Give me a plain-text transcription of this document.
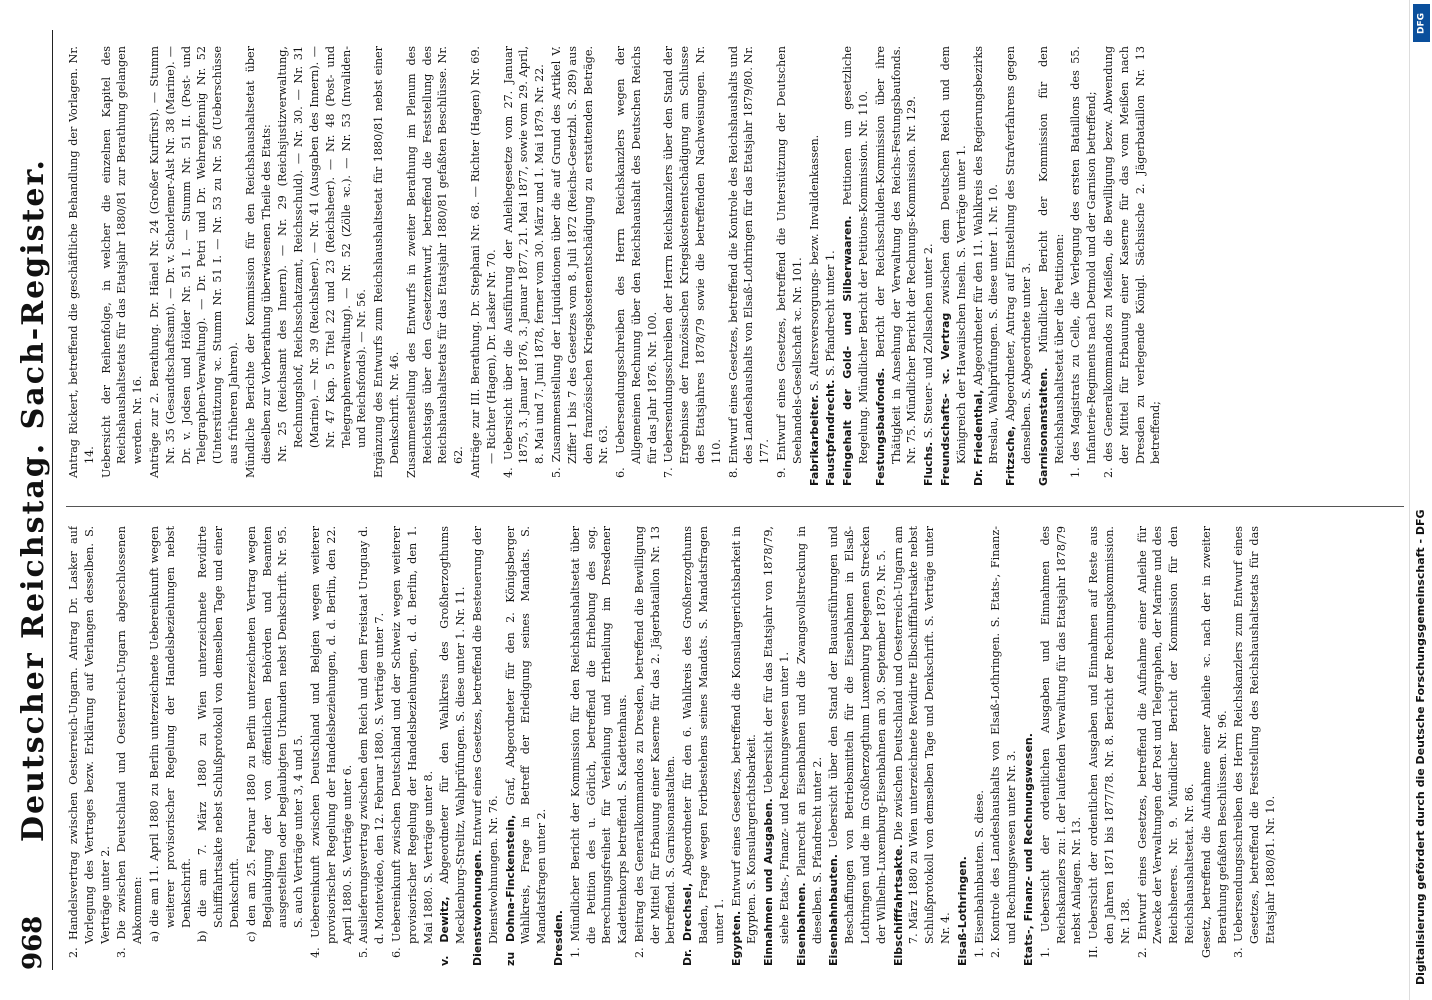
968
Deutscher Reichstag. Sach-Register. 2. Handelsvertrag zwischen Oesterreich-Ungarn. Antrag Dr. Lasker auf Vorlegung des Vertrages bezw. Erklärung auf Verlangen desselben. S. Verträge unter 2. 3. Die zwischen Deutschland und Oesterreich-Ungarn abgeschlossenen Abkommen: a) die am 11. April 1880 zu Berlin unterzeichnete Uebereinkunft wegen weiterer provisorischer Regelung der Handelsbeziehungen nebst Denkschrift. b) die am 7. März 1880 zu Wien unterzeichnete Revidirte Schifffahrtsakte nebst Schlußprotokoll von demselben Tage und einer Denkschrift. c) den am 25. Februar 1880 zu Berlin unterzeichneten Vertrag wegen Beglaubigung der von öffentlichen Behörden und Beamten ausgestellten oder beglaubigten Urkunden nebst Denkschrift. Nr. 95. S. auch Verträge unter 3, 4 und 5. 4. Uebereinkunft zwischen Deutschland und Belgien wegen weiterer provisorischer Regelung der Handelsbeziehungen, d. d. Berlin, den 22. April 1880. S. Verträge unter 6. 5. Auslieferungsvertrag zwischen dem Reich und dem Freistaat Uruguay d. d. Montevideo, den 12. Februar 1880. S. Verträge unter 7. 6. Uebereinkunft zwischen Deutschland und der Schweiz wegen weiterer provisorischer Regelung der Handelsbeziehungen, d. d. Berlin, den 1. Mai 1880. S. Verträge unter 8. v. Dewitz, Abgeordneter für den Wahlkreis des Großherzogthums Mecklenburg-Strelitz, Wahlprüfungen. S. diese unter 1. Nr. 11. Dienstwohnungen. Entwurf eines Gesetzes, betreffend die Besteuerung der Dienstwohnungen. Nr. 76. zu Dohna-Finckenstein, Graf, Abgeordneter für den 2. Königsberger Wahlkreis, Frage in Betreff der Erledigung seines Mandats. S. Mandatsfragen unter 2. Dresden. 1. Mündlicher Bericht der Kommission für den Reichshaushaltsetat über die Petition des u. Görlich, betreffend die Erhebung des sog. Berechnungsfreiheit für Verleihung und Ertheilung im Dresdener Kadettenkorps betreffend. S. Kadettenhaus. 2. Beitrag des Generalkommandos zu Dresden, betreffend die Bewilligung der Mittel für Erbauung einer Kaserne für das 2. Jägerbataillon Nr. 13 betreffend. S. Garnisonanstalten. Dr. Drechsel, Abgeordneter für den 6. Wahlkreis des Großherzogthums Baden, Frage wegen Fortbestehens seines Mandats. S. Mandatsfragen unter 1. Egypten. Entwurf eines Gesetzes, betreffend die Konsulargerichtsbarkeit in Egypten. S. Konsulargerichtsbarkeit. Einnahmen und Ausgaben. Uebersicht der für das Etatsjahr von 1878/79, siehe Etats-, Finanz- und Rechnungswesen unter 1. Eisenbahnen. Planrecht an Eisenbahnen und die Zwangsvollstreckung in dieselben. S. Pfandrecht unter 2. Eisenbahnbauten. Uebersicht über den Stand der Bauausführungen und Beschaffungen von Betriebsmitteln für die Eisenbahnen in Elsaß-Lothringen und die im Großherzogthum Luxemburg belegenen Strecken der Wilhelm-Luxemburg-Eisenbahnen am 30. September 1879. Nr. 5. Elbschifffahrtsakte. Die zwischen Deutschland und Oesterreich-Ungarn am 7. März 1880 zu Wien unterzeichnete Revidirte Elbschifffahrtsakte nebst Schlußprotokoll von demselben Tage und Denkschrift. S. Verträge unter Nr. 4. Elsaß-Lothringen. 1. Eisenbahnbauten. S. diese. 2. Kontrole des Landeshaushalts von Elsaß-Lothringen. S. Etats-, Finanz- und Rechnungswesen unter Nr. 3. Etats-, Finanz- und Rechnungswesen. 1. Uebersicht der ordentlichen Ausgaben und Einnahmen des Reichskanzlers zu: I. der laufenden Verwaltung für das Etatsjahr 1878/79 nebst Anlagen. Nr. 13. II. Uebersicht der ordentlichen Ausgaben und Einnahmen auf Reste aus den Jahren 1871 bis 1877/78. Nr. 8. Bericht der Rechnungskommission. Nr. 138. 2. Entwurf eines Gesetzes, betreffend die Aufnahme einer Anleihe für Zwecke der Verwaltungen der Post und Telegraphen, der Marine und des Reichsheeres. Nr. 9. Mündlicher Bericht der Kommission für den Reichshaushaltsetat. Nr. 86. Gesetz, betreffend die Aufnahme einer Anleihe ꝛc. nach der in zweiter Berathung gefaßten Beschlüssen. Nr. 96. 3. Uebersendungsschreiben des Herrn Reichskanzlers zum Entwurf eines Gesetzes, betreffend die Feststellung des Reichshaushaltsetats für das Etatsjahr 1880/81. Nr. 10.

Antrag Rickert, betreffend die geschäftliche Behandlung der Vorlagen. Nr. 14. Uebersicht der Reihenfolge, in welcher die einzelnen Kapitel des Reichshaushaltsetats für das Etatsjahr 1880/81 zur Berathung gelangen werden. Nr. 16. Anträge zur 2. Berathung. Dr. Hänel Nr. 24 (Großer Kurfürst). — Stumm Nr. 35 (Gesandtschaftsamt). — Dr. v. Schorlemer-Alst Nr. 38 (Marine). — Dr. v. Jodsen und Hölder Nr. 51 I. — Stumm Nr. 51 II. (Post- und Telegraphen-Verwaltung). — Dr. Petri und Dr. Wehrenpfennig Nr. 52 (Unterstützung ꝛc. Stumm Nr. 51 I. — Nr. 53 zu Nr. 56 (Ueberschüsse aus früheren Jahren). Mündliche Berichte der Kommission für den Reichshaushaltsetat über dieselben zur Vorberathung überwiesenen Theile des Etats: Nr. 25 (Reichsamt des Innern). — Nr. 29 (Reichsjustizverwaltung, Rechnungshof, Reichsschatzamt, Reichsschuld). — Nr. 30. — Nr. 31 (Marine). — Nr. 39 (Reichsheer). — Nr. 41 (Ausgaben des Innern). — Nr. 47 Kap. 5 Titel 22 und 23 (Reichsheer). — Nr. 48 (Post- und Telegraphenverwaltung). — Nr. 52 (Zölle ꝛc.). — Nr. 53 (Invaliden- und Reichsfonds). — Nr. 56. Ergänzung des Entwurfs zum Reichshaushaltsetat für 1880/81 nebst einer Denkschrift. Nr. 46. Zusammenstellung des Entwurfs in zweiter Berathung im Plenum des Reichstags über den Gesetzentwurf, betreffend die Feststellung des Reichshaushaltsetats für das Etatsjahr 1880/81 gefaßten Beschlüsse. Nr. 62. Anträge zur III. Berathung. Dr. Stephani Nr. 68. — Richter (Hagen) Nr. 69. — Richter (Hagen), Dr. Lasker Nr. 70. 4. Uebersicht über die Ausführung der Anleihegesetze vom 27. Januar 1875, 3. Januar 1876, 3. Januar 1877, 21. Mai 1877, sowie vom 29. April, 8. Mai und 7. Juni 1878, ferner vom 30. März und 1. Mai 1879. Nr. 22. 5. Zusammenstellung der Liquidationen über die auf Grund des Artikel V. Ziffer 1 bis 7 des Gesetzes vom 8. Juli 1872 (Reichs-Gesetzbl. S. 289) aus den französischen Kriegskostenentschädigung zu erstattenden Beträge. Nr. 63. 6. Uebersendungsschreiben des Herrn Reichskanzlers wegen der Allgemeinen Rechnung über den Reichshaushalt des Deutschen Reichs für das Jahr 1876. Nr. 100. 7. Uebersendungsschreiben der Herrn Reichskanzlers über den Stand der Ergebnisse der französischen Kriegskostenentschädigung am Schlusse des Etatsjahres 1878/79 sowie die betreffenden Nachweisungen. Nr. 110. 8. Entwurf eines Gesetzes, betreffend die Kontrole des Reichshaushalts und des Landeshaushalts von Elsaß-Lothringen für das Etatsjahr 1879/80. Nr. 177. 9. Entwurf eines Gesetzes, betreffend die Unterstützung der Deutschen Seehandels-Gesellschaft ꝛc. Nr. 101. Fabrikarbeiter. S. Altersversorgungs- bezw. Invalidenkassen.

Faustpfandrecht. S. Pfandrecht unter 1. Feingehalt der Gold- und Silberwaaren. Petitionen um gesetzliche Regelung. Mündlicher Bericht der Petitions-Kommission. Nr. 110. Festungsbaufonds. Bericht der Reichsschulden-Kommission über ihre Thätigkeit in Ansehung der Verwaltung des Reichs-Festungsbaufonds. Nr. 75. Mündlicher Bericht der Rechnungs-Kommission. Nr. 129. Fluchs. S. Steuer- und Zollsachen unter 2. Freundschafts- ꝛc. Vertrag zwischen dem Deutschen Reich und dem Königreich der Hawaiischen Inseln. S. Verträge unter 1. Dr. Friedenthal, Abgeordneter für den 11. Wahlkreis des Regierungsbezirks Breslau, Wahlprüfungen. S. diese unter 1. Nr. 10. Fritzsche, Abgeordneter, Antrag auf Einstellung des Strafverfahrens gegen denselben. S. Abgeordnete unter 3. Garnisonanstalten. Mündlicher Bericht der Kommission für den Reichshaushaltsetat über die Petitionen: 1. des Magistrats zu Celle, die Verlegung des ersten Bataillons des 55. Infanterie-Regiments nach Detmold und der Garnison betreffend; 2. des Generalkommandos zu Meißen, die Bewilligung bezw. Abwendung der Mittel für Erbauung einer Kaserne für das vom Meißen nach Dresden zu verlegende Königl. Sächsische 2. Jägerbataillon Nr. 13 betreffend;

DFG
Digitalisierung gefördert durch die Deutsche Forschungsgemeinschaft - DFG
